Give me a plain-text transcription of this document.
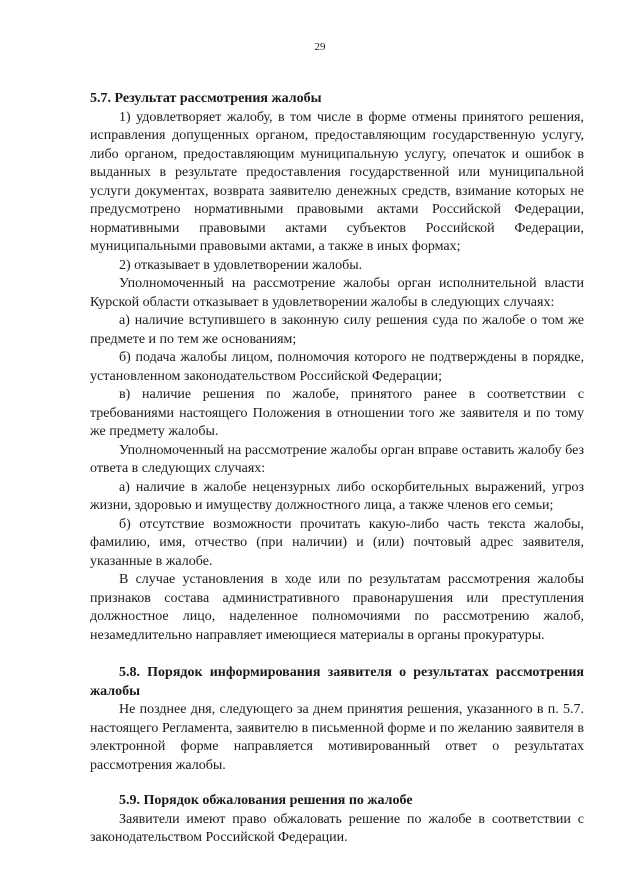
29

5.7. Результат рассмотрения жалобы

1) удовлетворяет жалобу, в том числе в форме отмены принятого решения, исправления допущенных органом, предоставляющим государственную услугу, либо органом, предоставляющим муниципальную услугу, опечаток и ошибок в выданных в результате предоставления государственной или муниципальной услуги документах, возврата заявителю денежных средств, взимание которых не предусмотрено нормативными правовыми актами Российской Федерации, нормативными правовыми актами субъектов Российской Федерации, муниципальными правовыми актами, а также в иных формах;

2) отказывает в удовлетворении жалобы.

Уполномоченный на рассмотрение жалобы орган исполнительной власти Курской области отказывает в удовлетворении жалобы в следующих случаях:

а) наличие вступившего в законную силу решения суда по жалобе о том же предмете и по тем же основаниям;

б) подача жалобы лицом, полномочия которого не подтверждены в порядке, установленном законодательством Российской Федерации;

в) наличие решения по жалобе, принятого ранее в соответствии с требованиями настоящего Положения в отношении того же заявителя и по тому же предмету жалобы.

Уполномоченный на рассмотрение жалобы орган вправе оставить жалобу без ответа в следующих случаях:

а) наличие в жалобе нецензурных либо оскорбительных выражений, угроз жизни, здоровью и имуществу должностного лица, а также членов его семьи;

б) отсутствие возможности прочитать какую-либо часть текста жалобы, фамилию, имя, отчество (при наличии) и (или) почтовый адрес заявителя, указанные в жалобе.

В случае установления в ходе или по результатам рассмотрения жалобы признаков состава административного правонарушения или преступления должностное лицо, наделенное полномочиями по рассмотрению жалоб, незамедлительно направляет имеющиеся материалы в органы прокуратуры.

5.8. Порядок информирования заявителя о результатах рассмотрения жалобы

Не позднее дня, следующего за днем принятия решения, указанного в п. 5.7. настоящего Регламента, заявителю в письменной форме и по желанию заявителя в электронной форме направляется мотивированный ответ о результатах рассмотрения жалобы.

5.9. Порядок обжалования решения по жалобе

Заявители имеют право обжаловать решение по жалобе в соответствии с законодательством Российской Федерации.
